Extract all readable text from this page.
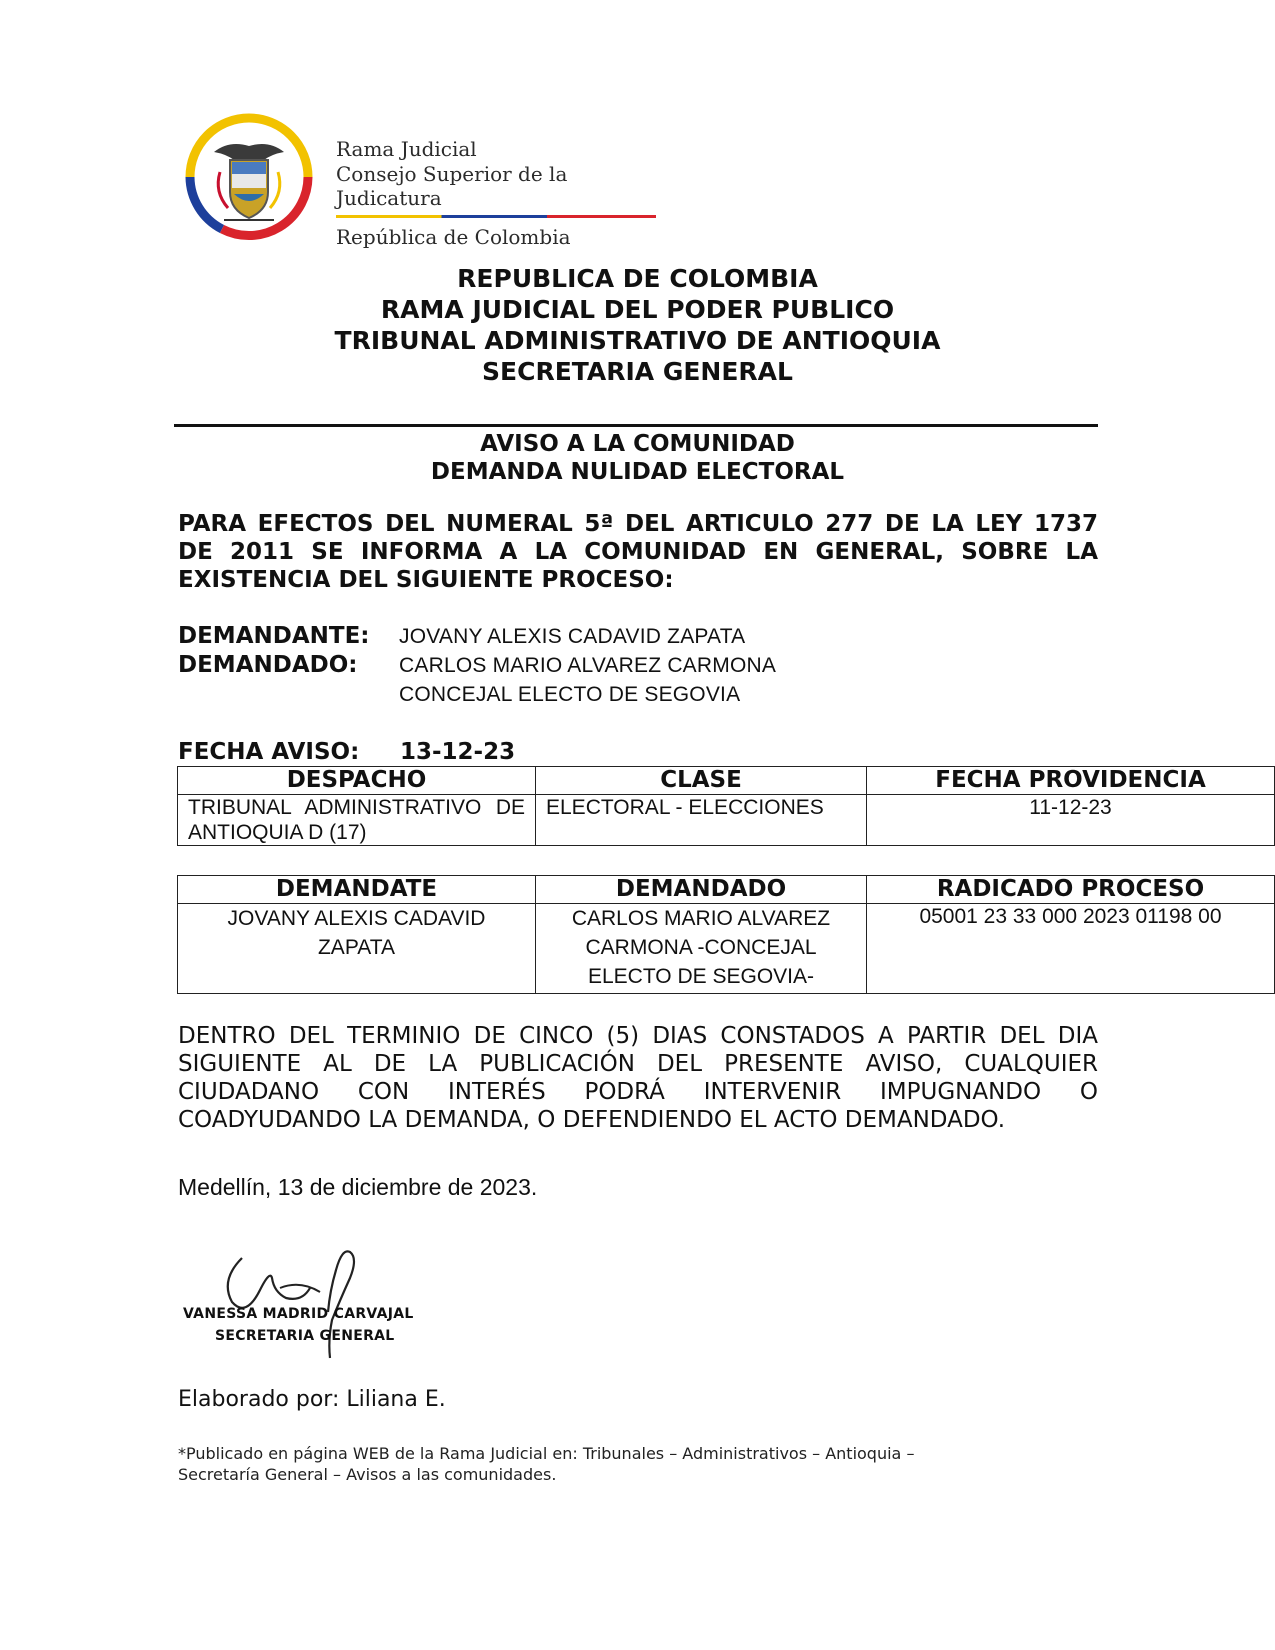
Rama Judicial
Consejo Superior de la Judicatura
República de Colombia
REPUBLICA DE COLOMBIA
RAMA JUDICIAL DEL PODER PUBLICO
TRIBUNAL ADMINISTRATIVO DE ANTIOQUIA
SECRETARIA GENERAL
AVISO A LA COMUNIDAD
DEMANDA NULIDAD ELECTORAL
PARA EFECTOS DEL NUMERAL 5ª DEL ARTICULO 277 DE LA LEY 1737 DE 2011 SE INFORMA A LA COMUNIDAD EN GENERAL, SOBRE LA EXISTENCIA DEL SIGUIENTE PROCESO:
DEMANDANTE:	JOVANY ALEXIS CADAVID ZAPATA
DEMANDADO:	CARLOS MARIO ALVAREZ CARMONA
CONCEJAL ELECTO DE SEGOVIA
FECHA AVISO: 13-12-23
DESPACHO	CLASE	FECHA PROVIDENCIA
TRIBUNAL ADMINISTRATIVO DE ANTIOQUIA D (17)	ELECTORAL - ELECCIONES	11-12-23
DEMANDATE	DEMANDADO	RADICADO PROCESO
JOVANY ALEXIS CADAVID ZAPATA	CARLOS MARIO ALVAREZ CARMONA -CONCEJAL ELECTO DE SEGOVIA-	05001 23 33 000 2023 01198 00
DENTRO DEL TERMINIO DE CINCO (5) DIAS CONSTADOS A PARTIR DEL DIA SIGUIENTE AL DE LA PUBLICACIÓN DEL PRESENTE AVISO, CUALQUIER CIUDADANO CON INTERÉS PODRÁ INTERVENIR IMPUGNANDO O COADYUDANDO LA DEMANDA, O DEFENDIENDO EL ACTO DEMANDADO.
Medellín, 13 de diciembre de 2023.
VANESSA MADRID CARVAJAL
SECRETARIA GENERAL
Elaborado por: Liliana E.
*Publicado en página WEB de la Rama Judicial en: Tribunales – Administrativos – Antioquia – Secretaría General – Avisos a las comunidades.
